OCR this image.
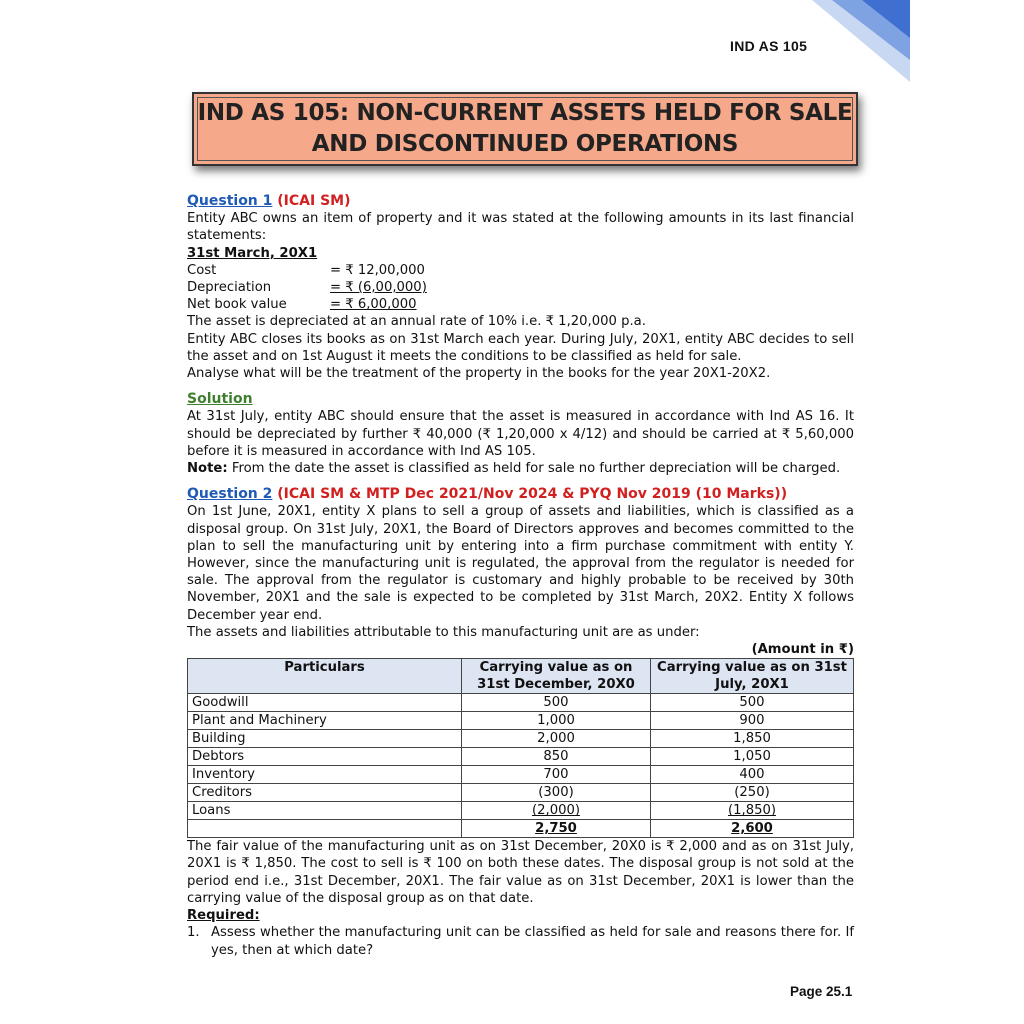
IND AS 105
IND AS 105: NON-CURRENT ASSETS HELD FOR SALE
AND DISCONTINUED OPERATIONS
Question 1 (ICAI SM)

Entity ABC owns an item of property and it was stated at the following amounts in its last financial statements:

31st March, 20X1
Cost	= ₹ 12,00,000
Depreciation	= ₹ (6,00,000)
Net book value	= ₹ 6,00,000

The asset is depreciated at an annual rate of 10% i.e. ₹ 1,20,000 p.a.

Entity ABC closes its books as on 31st March each year. During July, 20X1, entity ABC decides to sell the asset and on 1st August it meets the conditions to be classified as held for sale.

Analyse what will be the treatment of the property in the books for the year 20X1-20X2.

Solution

At 31st July, entity ABC should ensure that the asset is measured in accordance with Ind AS 16. It should be depreciated by further ₹ 40,000 (₹ 1,20,000 x 4/12) and should be carried at ₹ 5,60,000 before it is measured in accordance with Ind AS 105.

Note: From the date the asset is classified as held for sale no further depreciation will be charged.

Question 2 (ICAI SM & MTP Dec 2021/Nov 2024 & PYQ Nov 2019 (10 Marks))

On 1st June, 20X1, entity X plans to sell a group of assets and liabilities, which is classified as a disposal group. On 31st July, 20X1, the Board of Directors approves and becomes committed to the plan to sell the manufacturing unit by entering into a firm purchase commitment with entity Y. However, since the manufacturing unit is regulated, the approval from the regulator is needed for sale. The approval from the regulator is customary and highly probable to be received by 30th November, 20X1 and the sale is expected to be completed by 31st March, 20X2. Entity X follows December year end.

The assets and liabilities attributable to this manufacturing unit are as under:

(Amount in ₹)
Particulars	Carrying value as on 31st December, 20X0	Carrying value as on 31st July, 20X1
Goodwill	500	500
Plant and Machinery	1,000	900
Building	2,000	1,850
Debtors	850	1,050
Inventory	700	400
Creditors	(300)	(250)
Loans	(2,000)	(1,850)
	2,750	2,600

The fair value of the manufacturing unit as on 31st December, 20X0 is ₹ 2,000 and as on 31st July, 20X1 is ₹ 1,850. The cost to sell is ₹ 100 on both these dates. The disposal group is not sold at the period end i.e., 31st December, 20X1. The fair value as on 31st December, 20X1 is lower than the carrying value of the disposal group as on that date.

Required:
1. Assess whether the manufacturing unit can be classified as held for sale and reasons there for. If yes, then at which date?
Page 25.1
